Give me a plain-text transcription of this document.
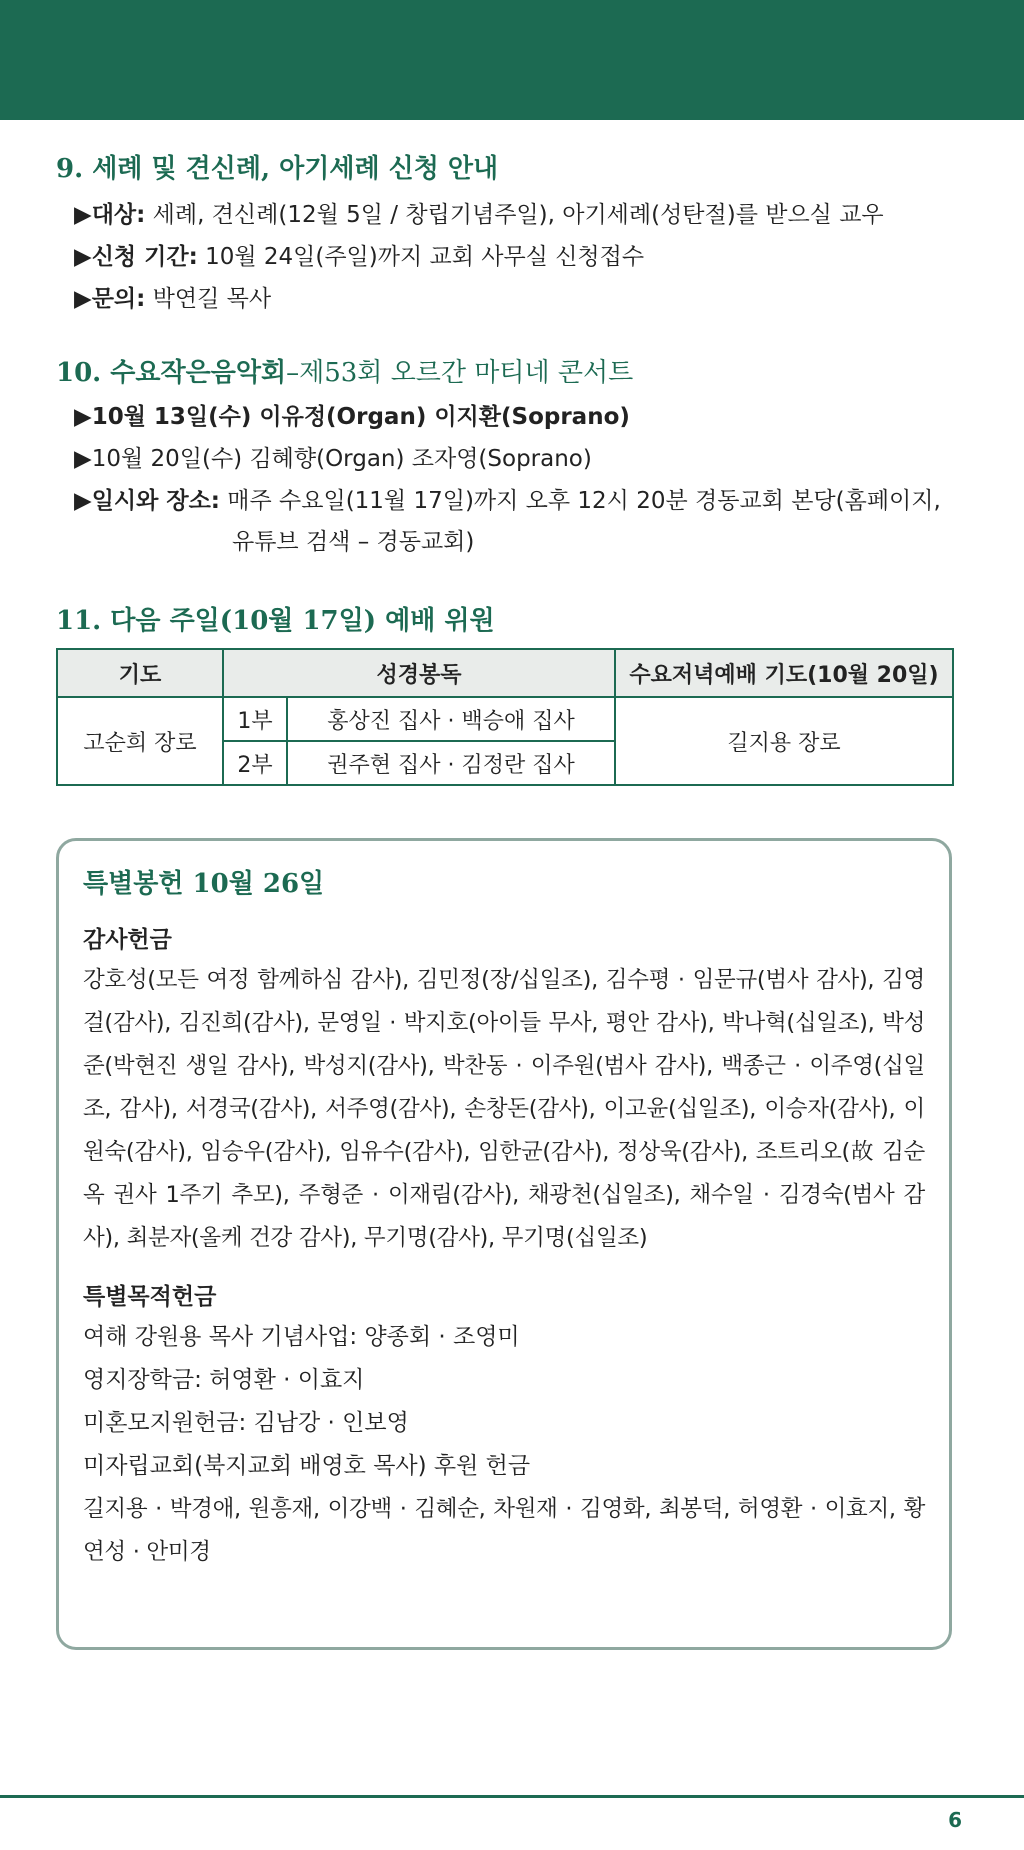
9. 세례 및 견신례, 아기세례 신청 안내
▶대상: 세례, 견신례(12월 5일 / 창립기념주일), 아기세례(성탄절)를 받으실 교우
▶신청 기간: 10월 24일(주일)까지 교회 사무실 신청접수
▶문의: 박연길 목사
10. 수요작은음악회–제53회 오르간 마티네 콘서트
▶10월 13일(수) 이유정(Organ) 이지환(Soprano)
▶10월 20일(수) 김혜향(Organ) 조자영(Soprano)
▶일시와 장소: 매주 수요일(11월 17일)까지 오후 12시 20분 경동교회 본당(홈페이지,
유튜브 검색 – 경동교회)
11. 다음 주일(10월 17일) 예배 위원
기도	성경봉독		수요저녁예배 기도(10월 20일)
고순희 장로	1부	홍상진 집사 · 백승애 집사	길지용 장로
	2부	권주현 집사 · 김정란 집사	
특별봉헌 10월 26일
감사헌금
강호성(모든 여정 함께하심 감사), 김민정(장/십일조), 김수평 · 임문규(범사 감사), 김영걸(감사), 김진희(감사), 문영일 · 박지호(아이들 무사, 평안 감사), 박나혁(십일조), 박성준(박현진 생일 감사), 박성지(감사), 박찬동 · 이주원(범사 감사), 백종근 · 이주영(십일조, 감사), 서경국(감사), 서주영(감사), 손창돈(감사), 이고윤(십일조), 이승자(감사), 이원숙(감사), 임승우(감사), 임유수(감사), 임한균(감사), 정상욱(감사), 조트리오(故 김순옥 권사 1주기 추모), 주형준 · 이재림(감사), 채광천(십일조), 채수일 · 김경숙(범사 감사), 최분자(올케 건강 감사), 무기명(감사), 무기명(십일조)
특별목적헌금
여해 강원용 목사 기념사업: 양종회 · 조영미
영지장학금: 허영환 · 이효지
미혼모지원헌금: 김남강 · 인보영
미자립교회(북지교회 배영호 목사) 후원 헌금
길지용 · 박경애, 원흥재, 이강백 · 김혜순, 차원재 · 김영화, 최봉덕, 허영환 · 이효지, 황연성 · 안미경
6
